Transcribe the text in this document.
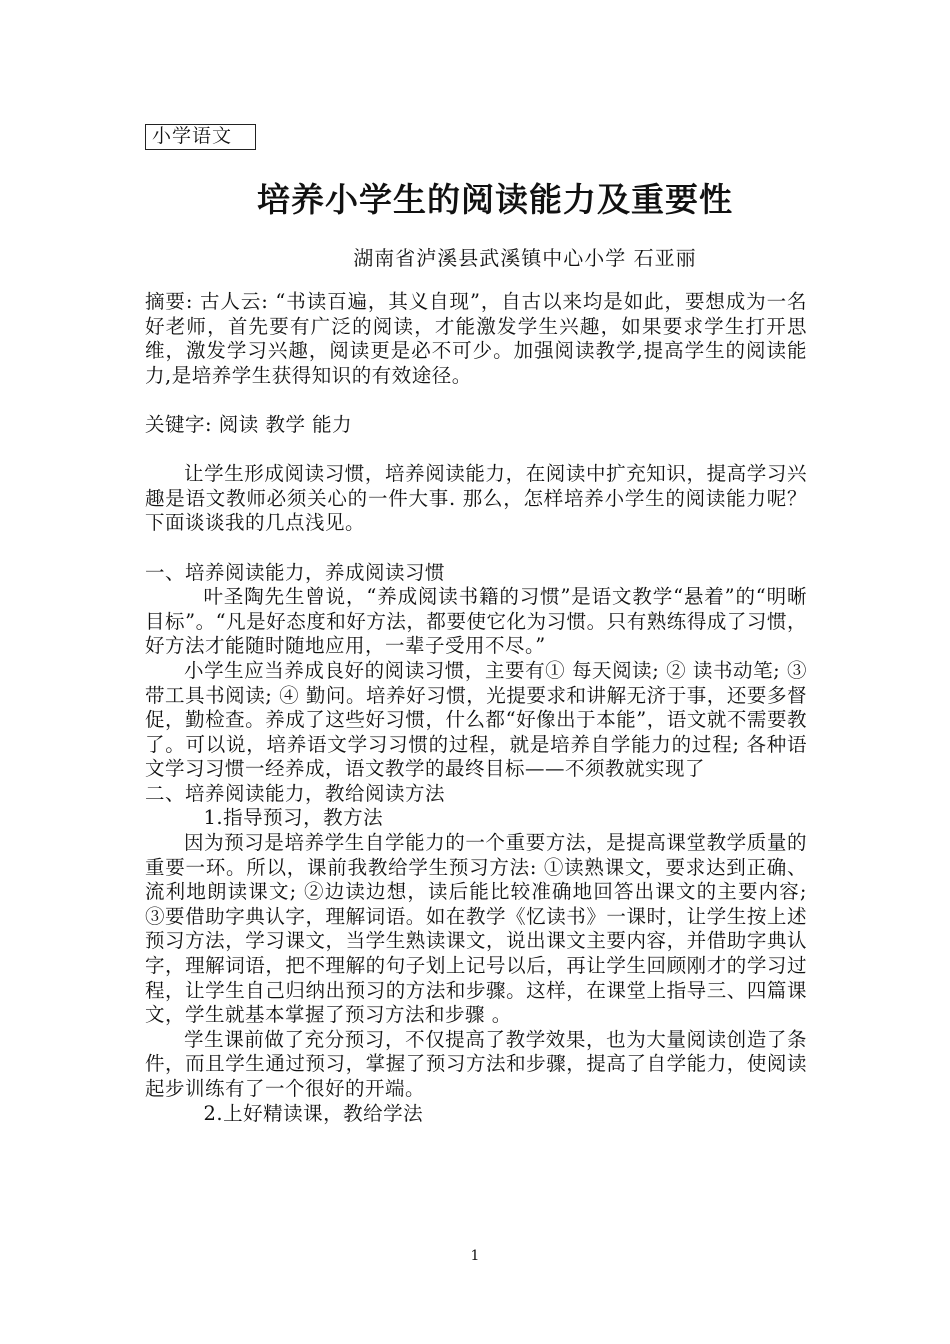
小学语文
培养小学生的阅读能力及重要性
湖南省泸溪县武溪镇中心小学 石亚丽

摘要: 古人云: “书读百遍，其义自现”，自古以来均是如此，要想成为一名好老师，首先要有广泛的阅读，才能激发学生兴趣，如果要求学生打开思维，激发学习兴趣，阅读更是必不可少。加强阅读教学,提高学生的阅读能力,是培养学生获得知识的有效途径。

关键字: 阅读 教学 能力

让学生形成阅读习惯，培养阅读能力，在阅读中扩充知识，提高学习兴趣是语文教师必须关心的一件大事. 那么，怎样培养小学生的阅读能力呢？下面谈谈我的几点浅见。

一、培养阅读能力，养成阅读习惯

叶圣陶先生曾说，“养成阅读书籍的习惯”是语文教学“悬着”的“明晰目标”。“凡是好态度和好方法，都要使它化为习惯。只有熟练得成了习惯，好方法才能随时随地应用，一辈子受用不尽。”

小学生应当养成良好的阅读习惯，主要有① 每天阅读; ② 读书动笔; ③ 带工具书阅读; ④ 勤问。培养好习惯，光提要求和讲解无济于事，还要多督促，勤检查。养成了这些好习惯，什么都“好像出于本能”，语文就不需要教了。可以说，培养语文学习习惯的过程，就是培养自学能力的过程; 各种语文学习习惯一经养成，语文教学的最终目标——不须教就实现了

二、培养阅读能力，教给阅读方法

1.指导预习，教方法

因为预习是培养学生自学能力的一个重要方法，是提高课堂教学质量的重要一环。所以，课前我教给学生预习方法: ①读熟课文，要求达到正确、流利地朗读课文; ②边读边想，读后能比较准确地回答出课文的主要内容; ③要借助字典认字，理解词语。如在教学《忆读书》一课时，让学生按上述预习方法，学习课文，当学生熟读课文，说出课文主要内容，并借助字典认字，理解词语，把不理解的句子划上记号以后，再让学生回顾刚才的学习过程，让学生自己归纳出预习的方法和步骤。这样，在课堂上指导三、四篇课文，学生就基本掌握了预习方法和步骤 。

学生课前做了充分预习，不仅提高了教学效果，也为大量阅读创造了条件，而且学生通过预习，掌握了预习方法和步骤，提高了自学能力，使阅读起步训练有了一个很好的开端。

2.上好精读课，教给学法

1
